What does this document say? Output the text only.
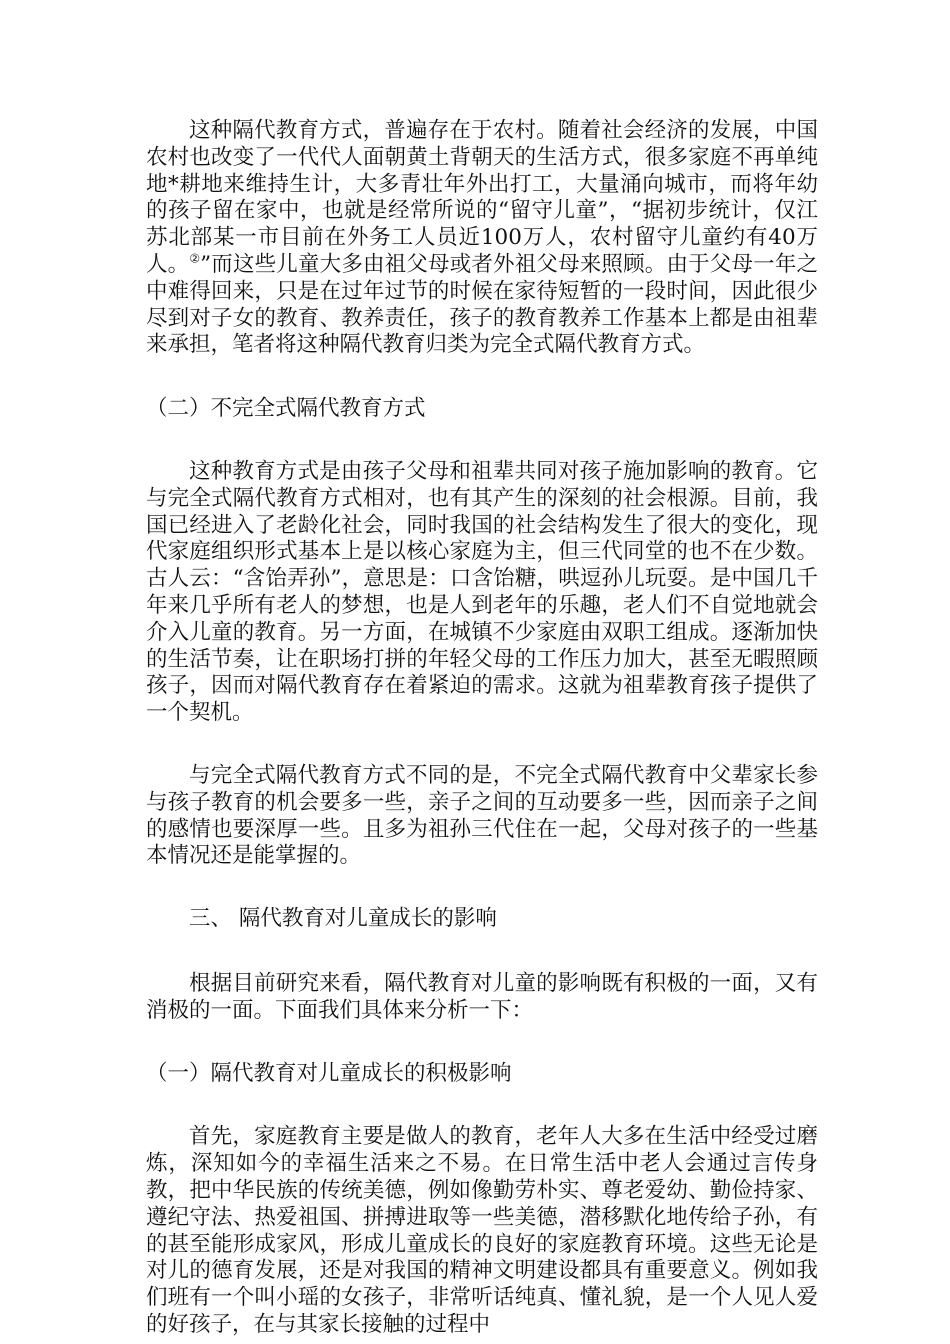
这种隔代教育方式，普遍存在于农村。随着社会经济的发展，中国农村也改变了一代代人面朝黄土背朝天的生活方式，很多家庭不再单纯地*耕地来维持生计，大多青壮年外出打工，大量涌向城市，而将年幼的孩子留在家中，也就是经常所说的“留守儿童”，“据初步统计，仅江苏北部某一市目前在外务工人员近100万人，农村留守儿童约有40万人。②”而这些儿童大多由祖父母或者外祖父母来照顾。由于父母一年之中难得回来，只是在过年过节的时候在家待短暂的一段时间，因此很少尽到对子女的教育、教养责任，孩子的教育教养工作基本上都是由祖辈来承担，笔者将这种隔代教育归类为完全式隔代教育方式。

（二）不完全式隔代教育方式

这种教育方式是由孩子父母和祖辈共同对孩子施加影响的教育。它与完全式隔代教育方式相对，也有其产生的深刻的社会根源。目前，我国已经进入了老龄化社会，同时我国的社会结构发生了很大的变化，现代家庭组织形式基本上是以核心家庭为主，但三代同堂的也不在少数。古人云：“含饴弄孙”，意思是：口含饴糖，哄逗孙儿玩耍。是中国几千年来几乎所有老人的梦想，也是人到老年的乐趣，老人们不自觉地就会介入儿童的教育。另一方面，在城镇不少家庭由双职工组成。逐渐加快的生活节奏，让在职场打拼的年轻父母的工作压力加大，甚至无暇照顾孩子，因而对隔代教育存在着紧迫的需求。这就为祖辈教育孩子提供了一个契机。

与完全式隔代教育方式不同的是，不完全式隔代教育中父辈家长参与孩子教育的机会要多一些，亲子之间的互动要多一些，因而亲子之间的感情也要深厚一些。且多为祖孙三代住在一起，父母对孩子的一些基本情况还是能掌握的。

三、 隔代教育对儿童成长的影响

根据目前研究来看，隔代教育对儿童的影响既有积极的一面，又有消极的一面。下面我们具体来分析一下：

（一）隔代教育对儿童成长的积极影响

首先，家庭教育主要是做人的教育，老年人大多在生活中经受过磨炼，深知如今的幸福生活来之不易。在日常生活中老人会通过言传身教，把中华民族的传统美德，例如像勤劳朴实、尊老爱幼、勤俭持家、遵纪守法、热爱祖国、拼搏进取等一些美德，潜移默化地传给子孙，有的甚至能形成家风，形成儿童成长的良好的家庭教育环境。这些无论是对儿的德育发展，还是对我国的精神文明建设都具有重要意义。例如我们班有一个叫小瑶的女孩子，非常听话纯真、懂礼貌，是一个人见人爱的好孩子，在与其家长接触的过程中
